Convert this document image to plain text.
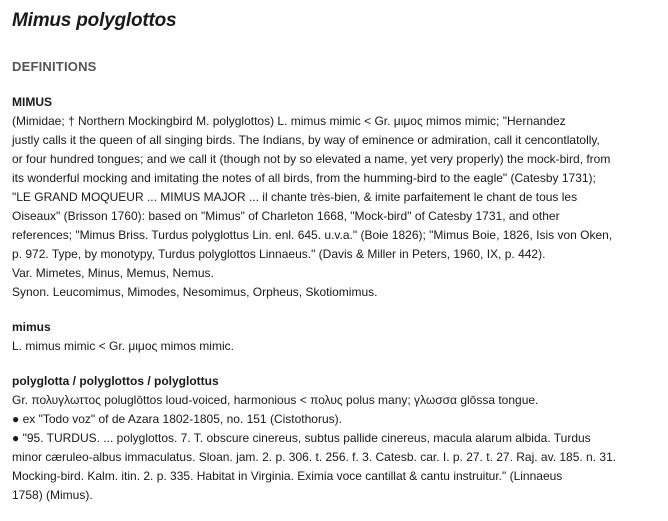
Mimus polyglottos
DEFINITIONS
MIMUS

(Mimidae; † Northern Mockingbird M. polyglottos) L. mimus mimic < Gr. μιμος mimos mimic; "Hernandez
justly calls it the queen of all singing birds. The Indians, by way of eminence or admiration, call it cencontlatolly,
or four hundred tongues; and we call it (though not by so elevated a name, yet very properly) the mock-bird, from
its wonderful mocking and imitating the notes of all birds, from the humming-bird to the eagle" (Catesby 1731);
"LE GRAND MOQUEUR ... MIMUS MAJOR ... il chante très-bien, & imite parfaitement le chant de tous les
Oiseaux" (Brisson 1760): based on "Mimus" of Charleton 1668, "Mock-bird" of Catesby 1731, and other
references; "Mimus Briss. Turdus polyglottus Lin. enl. 645. u.v.a." (Boie 1826); "Mimus Boie, 1826, Isis von Oken,
p. 972. Type, by monotypy, Turdus polyglottos Linnaeus." (Davis & Miller in Peters, 1960, IX, p. 442).
Var. Mimetes, Minus, Memus, Nemus.
Synon. Leucomimus, Mimodes, Nesomimus, Orpheus, Skotiomimus.

mimus

L. mimus mimic < Gr. μιμος mimos mimic.

polyglotta / polyglottos / polyglottus

Gr. πολυγλωττος poluglōttos loud-voiced, harmonious < πολυς polus many; γλωσσα glōssa tongue.
● ex "Todo voz" of de Azara 1802-1805, no. 151 (Cistothorus).
● "95. TURDUS. ... polyglottos. 7. T. obscure cinereus, subtus pallide cinereus, macula alarum albida. Turdus
minor cæruleo-albus immaculatus. Sloan. jam. 2. p. 306. t. 256. f. 3. Catesb. car. I. p. 27. t. 27. Raj. av. 185. n. 31.
Mocking-bird. Kalm. itin. 2. p. 335. Habitat in Virginia. Eximia voce cantillat & cantu instruitur." (Linnaeus
1758) (Mimus).
